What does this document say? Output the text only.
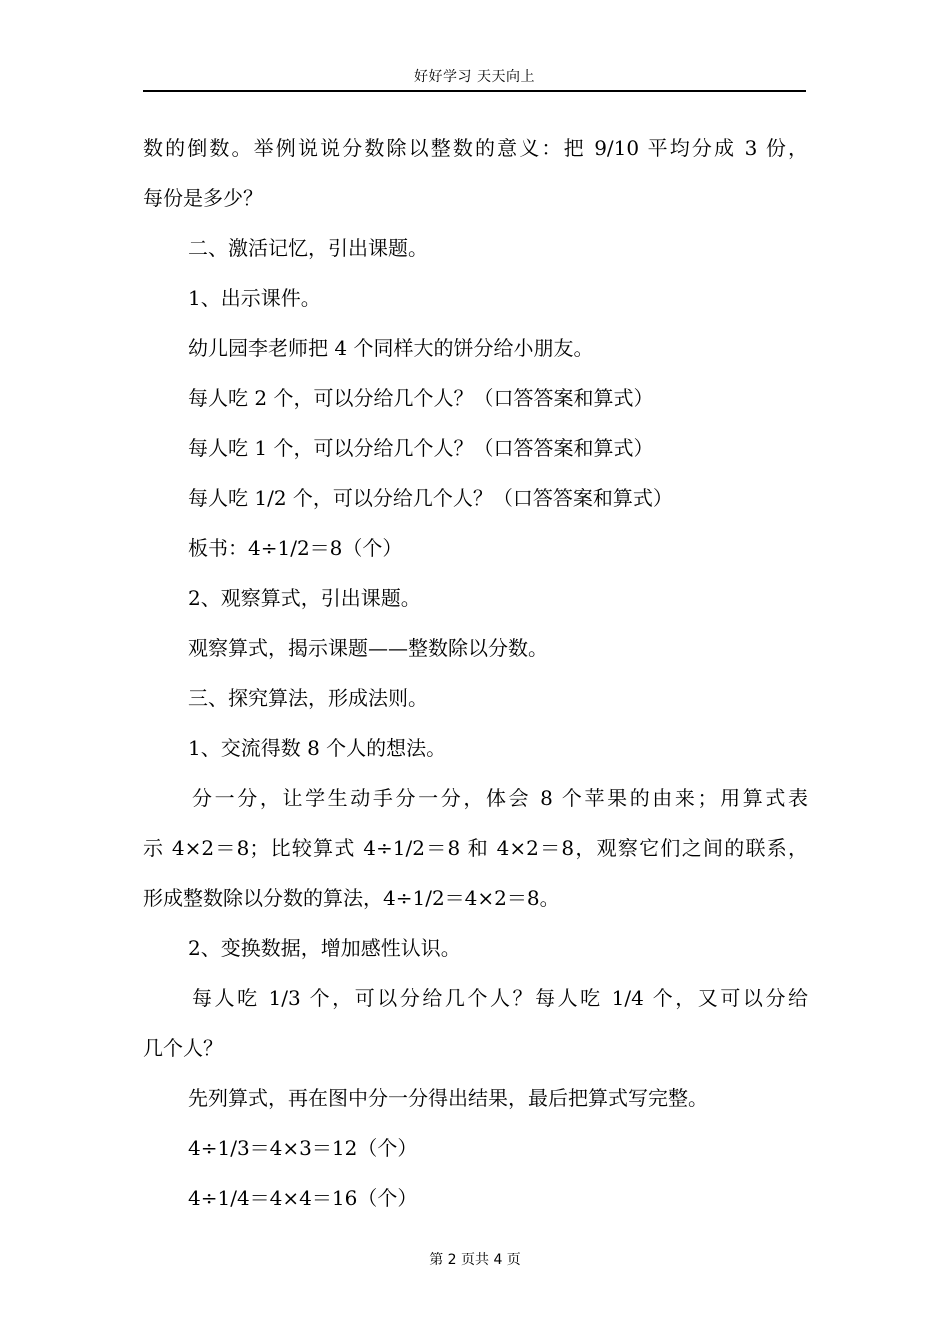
好好学习 天天向上
数的倒数。举例说说分数除以整数的意义：把 9/10 平均分成 3 份，
每份是多少？
二、激活记忆，引出课题。
1、出示课件。
幼儿园李老师把 4 个同样大的饼分给小朋友。
每人吃 2 个，可以分给几个人？（口答答案和算式）
每人吃 1 个，可以分给几个人？（口答答案和算式）
每人吃 1/2 个，可以分给几个人？（口答答案和算式）
板书：4÷1/2＝8（个）
2、观察算式，引出课题。
观察算式，揭示课题——整数除以分数。
三、探究算法，形成法则。
1、交流得数 8 个人的想法。
分一分，让学生动手分一分，体会 8 个苹果的由来；用算式表
示 4×2＝8；比较算式 4÷1/2＝8 和 4×2＝8，观察它们之间的联系，
形成整数除以分数的算法，4÷1/2＝4×2＝8。
2、变换数据，增加感性认识。
每人吃 1/3 个，可以分给几个人？每人吃 1/4 个，又可以分给
几个人？
先列算式，再在图中分一分得出结果，最后把算式写完整。
4÷1/3＝4×3＝12（个）
4÷1/4＝4×4＝16（个）
第 2 页共 4 页
